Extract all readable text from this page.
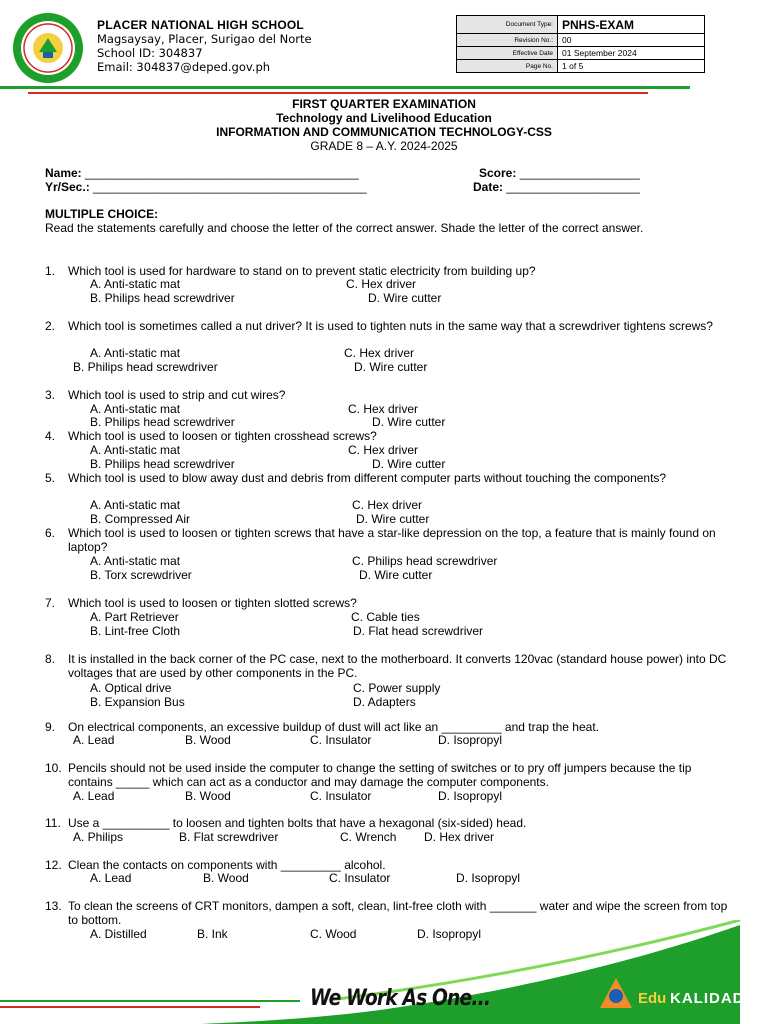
PLACER NATIONAL HIGH SCHOOL
Magsaysay, Placer, Surigao del Norte
School ID: 304837
Email: 304837@deped.gov.ph
Document Type:	PNHS-EXAM
Revision No.:	00
Effective Date	01 September 2024
Page No.	1 of 5
FIRST QUARTER EXAMINATION
Technology and Livelihood Education
INFORMATION AND COMMUNICATION TECHNOLOGY-CSS
GRADE 8 – A.Y. 2024-2025
Name: _________________________________________	Score: __________________
Yr/Sec.: _________________________________________	Date: ____________________
MULTIPLE CHOICE:
Read the statements carefully and choose the letter of the correct answer. Shade the letter of the correct answer.
1. Which tool is used for hardware to stand on to prevent static electricity from building up?
A. Anti-static mat	C. Hex driver
B. Philips head screwdriver	D. Wire cutter
2. Which tool is sometimes called a nut driver? It is used to tighten nuts in the same way that a screwdriver tightens screws?
A. Anti-static mat	C. Hex driver
B. Philips head screwdriver	D. Wire cutter
3. Which tool is used to strip and cut wires?
A. Anti-static mat	C. Hex driver
B. Philips head screwdriver	D. Wire cutter
4. Which tool is used to loosen or tighten crosshead screws?
A. Anti-static mat	C. Hex driver
B. Philips head screwdriver	D. Wire cutter
5. Which tool is used to blow away dust and debris from different computer parts without touching the components?
A. Anti-static mat	C. Hex driver
B. Compressed Air	D. Wire cutter
6. Which tool is used to loosen or tighten screws that have a star-like depression on the top, a feature that is mainly found on laptop?
A. Anti-static mat	C. Philips head screwdriver
B. Torx screwdriver	D. Wire cutter
7. Which tool is used to loosen or tighten slotted screws?
A. Part Retriever	C. Cable ties
B. Lint-free Cloth	D. Flat head screwdriver
8. It is installed in the back corner of the PC case, next to the motherboard. It converts 120vac (standard house power) into DC voltages that are used by other components in the PC.
A. Optical drive	C. Power supply
B. Expansion Bus	D. Adapters
9. On electrical components, an excessive buildup of dust will act like an _________ and trap the heat.
A. Lead	B. Wood	C. Insulator	D. Isopropyl
10. Pencils should not be used inside the computer to change the setting of switches or to pry off jumpers because the tip contains _____ which can act as a conductor and may damage the computer components.
A. Lead	B. Wood	C. Insulator	D. Isopropyl
11. Use a __________ to loosen and tighten bolts that have a hexagonal (six-sided) head.
A. Philips	B. Flat screwdriver	C. Wrench D. Hex driver
12. Clean the contacts on components with _________ alcohol.
A. Lead	B. Wood	C. Insulator	D. Isopropyl
13. To clean the screens of CRT monitors, dampen a soft, clean, lint-free cloth with _______ water and wipe the screen from top to bottom.
A. Distilled	B. Ink	C. Wood	D. Isopropyl
We Work As One...	Edu KALIDAD
